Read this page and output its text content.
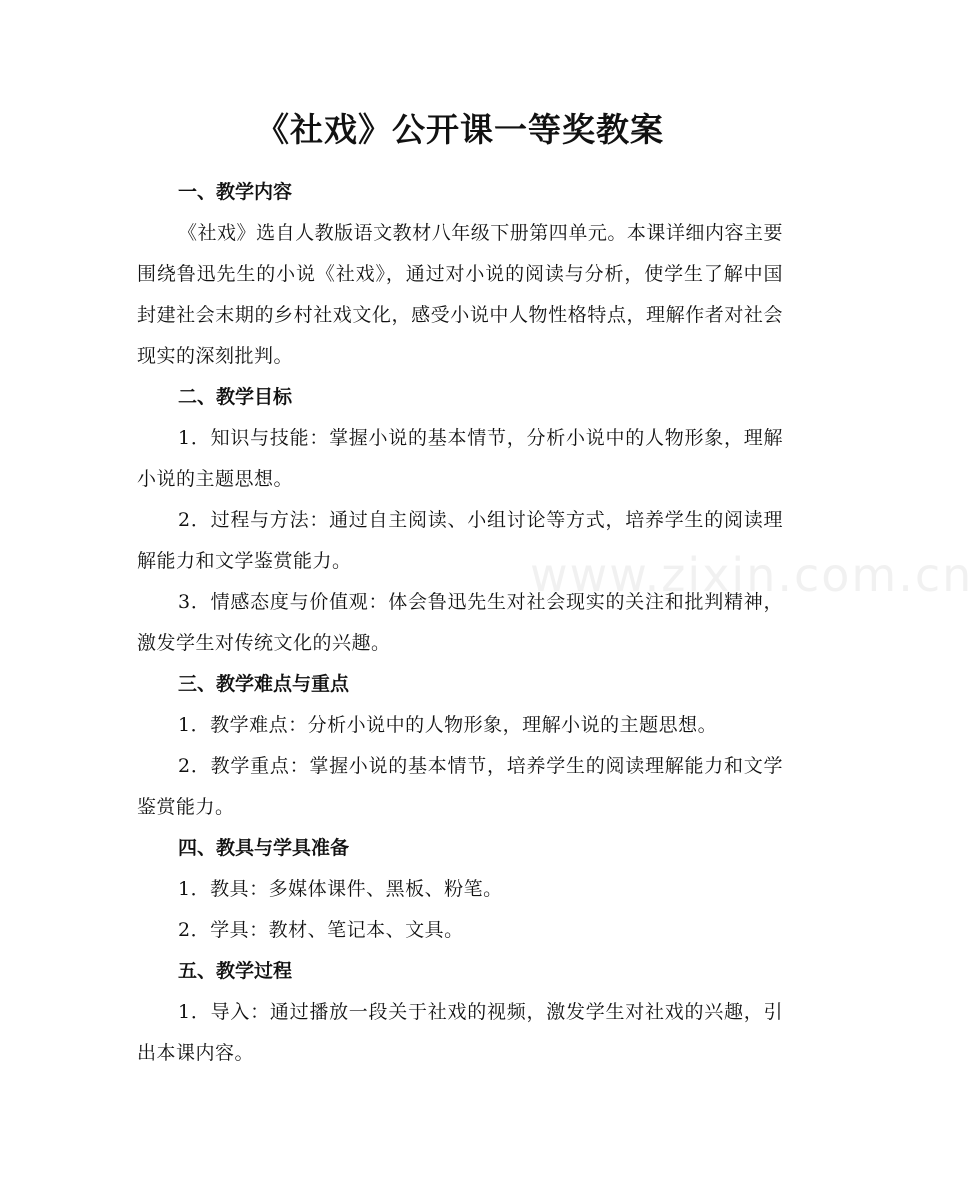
www.zixin.com.cn
《社戏》公开课一等奖教案

一、教学内容

《社戏》选自人教版语文教材八年级下册第四单元。本课详细内容主要围绕鲁迅先生的小说《社戏》，通过对小说的阅读与分析，使学生了解中国封建社会末期的乡村社戏文化，感受小说中人物性格特点，理解作者对社会现实的深刻批判。

二、教学目标

1．知识与技能：掌握小说的基本情节，分析小说中的人物形象，理解小说的主题思想。

2．过程与方法：通过自主阅读、小组讨论等方式，培养学生的阅读理解能力和文学鉴赏能力。

3．情感态度与价值观：体会鲁迅先生对社会现实的关注和批判精神，激发学生对传统文化的兴趣。

三、教学难点与重点

1．教学难点：分析小说中的人物形象，理解小说的主题思想。

2．教学重点：掌握小说的基本情节，培养学生的阅读理解能力和文学鉴赏能力。

四、教具与学具准备

1．教具：多媒体课件、黑板、粉笔。

2．学具：教材、笔记本、文具。

五、教学过程

1．导入：通过播放一段关于社戏的视频，激发学生对社戏的兴趣，引出本课内容。
